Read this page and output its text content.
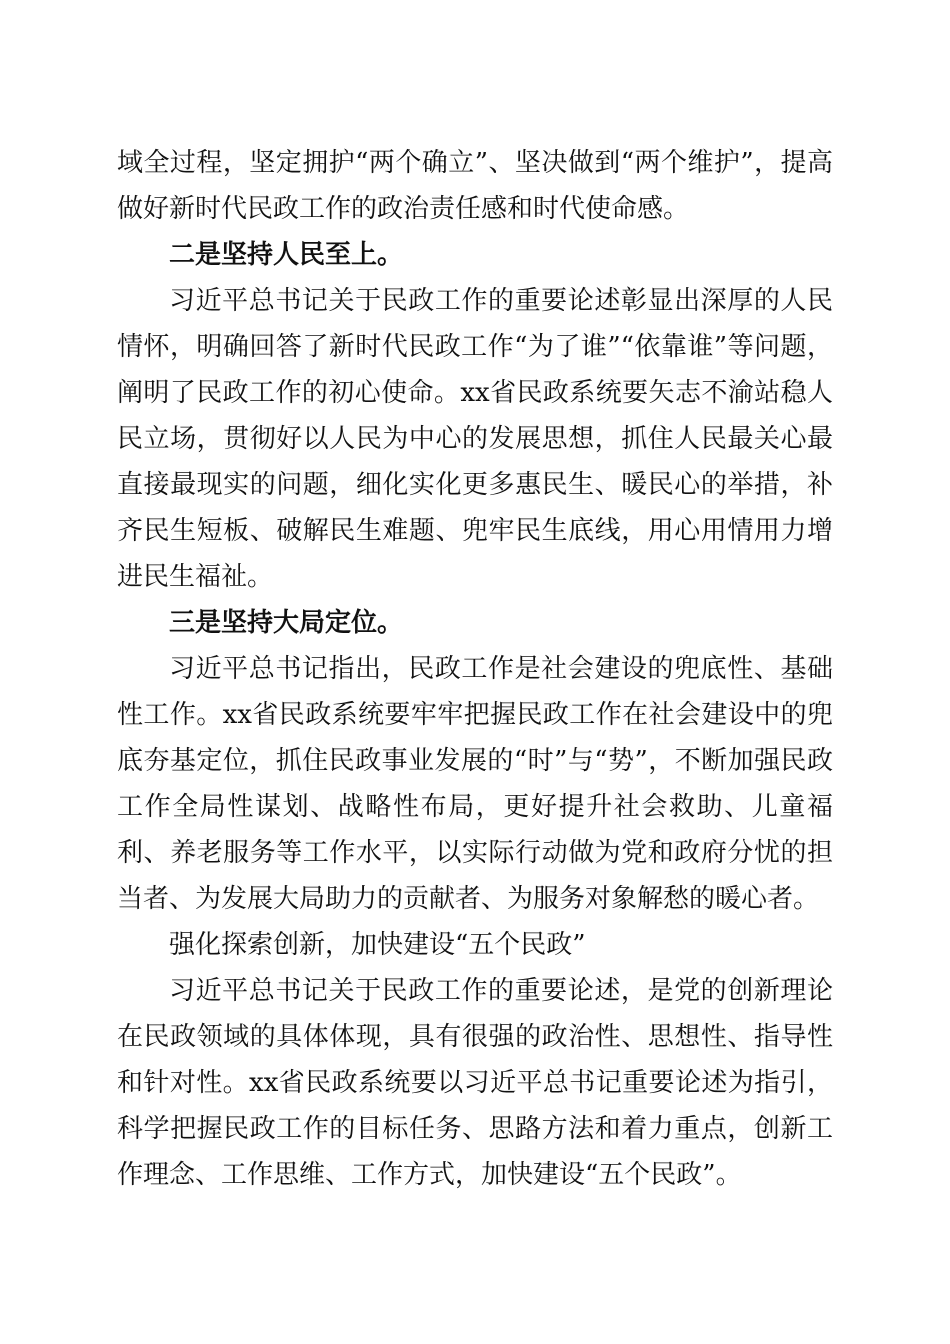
域全过程，坚定拥护“两个确立”、坚决做到“两个维护”，提高做好新时代民政工作的政治责任感和时代使命感。

二是坚持人民至上。

习近平总书记关于民政工作的重要论述彰显出深厚的人民情怀，明确回答了新时代民政工作“为了谁”“依靠谁”等问题，阐明了民政工作的初心使命。xx省民政系统要矢志不渝站稳人民立场，贯彻好以人民为中心的发展思想，抓住人民最关心最直接最现实的问题，细化实化更多惠民生、暖民心的举措，补齐民生短板、破解民生难题、兜牢民生底线，用心用情用力增进民生福祉。

三是坚持大局定位。

习近平总书记指出，民政工作是社会建设的兜底性、基础性工作。xx省民政系统要牢牢把握民政工作在社会建设中的兜底夯基定位，抓住民政事业发展的“时”与“势”，不断加强民政工作全局性谋划、战略性布局，更好提升社会救助、儿童福利、养老服务等工作水平，以实际行动做为党和政府分忧的担当者、为发展大局助力的贡献者、为服务对象解愁的暖心者。

强化探索创新，加快建设“五个民政”

习近平总书记关于民政工作的重要论述，是党的创新理论在民政领域的具体体现，具有很强的政治性、思想性、指导性和针对性。xx省民政系统要以习近平总书记重要论述为指引，科学把握民政工作的目标任务、思路方法和着力重点，创新工作理念、工作思维、工作方式，加快建设“五个民政”。
